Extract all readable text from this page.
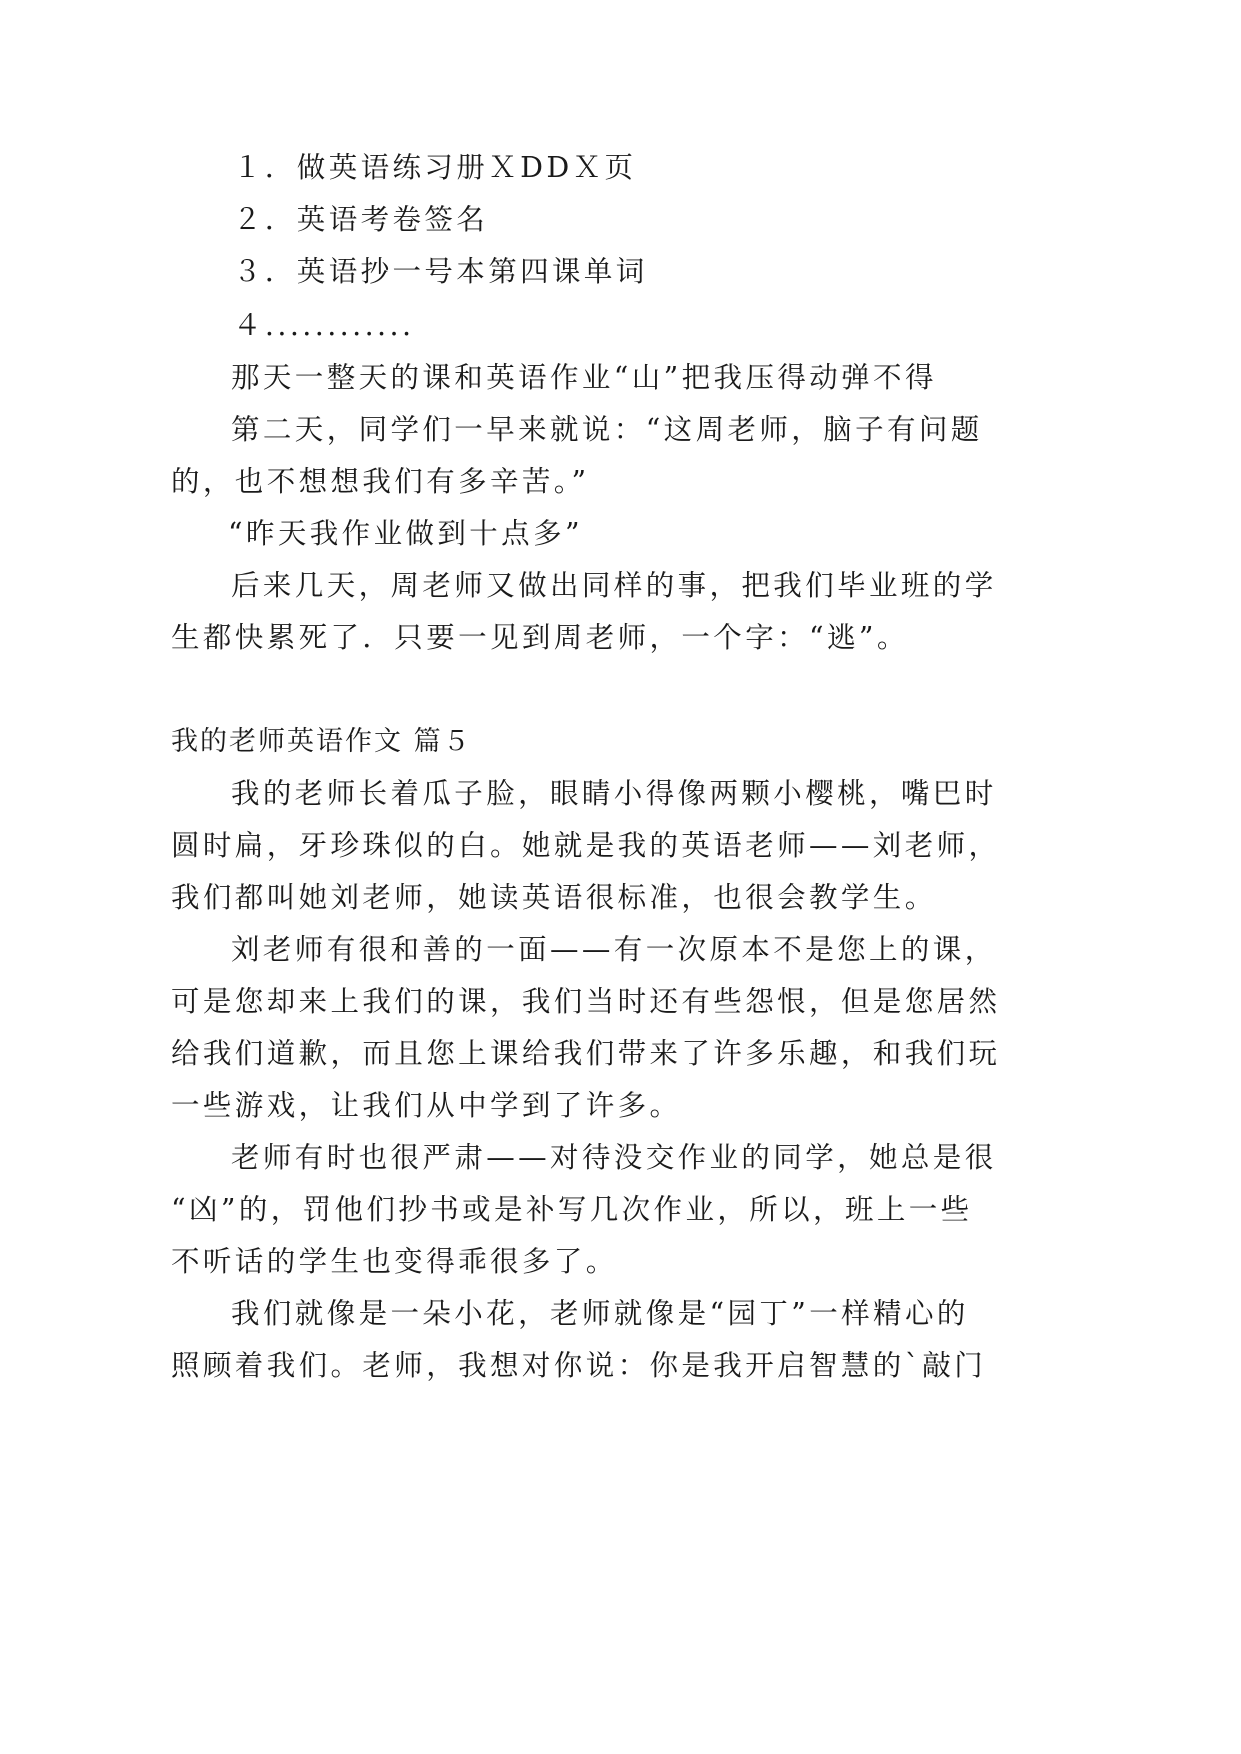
１．做英语练习册ＸDDＸ页
２．英语考卷签名
３．英语抄一号本第四课单词
４............
那天一整天的课和英语作业“山”把我压得动弹不得
第二天，同学们一早来就说：“这周老师，脑子有问题
的，也不想想我们有多辛苦。”
“昨天我作业做到十点多”
后来几天，周老师又做出同样的事，把我们毕业班的学
生都快累死了．只要一见到周老师，一个字：“逃”。
我的老师英语作文 篇５
我的老师长着瓜子脸，眼睛小得像两颗小樱桃，嘴巴时
圆时扁，牙珍珠似的白。她就是我的英语老师——刘老师，
我们都叫她刘老师，她读英语很标准，也很会教学生。
刘老师有很和善的一面——有一次原本不是您上的课，
可是您却来上我们的课，我们当时还有些怨恨，但是您居然
给我们道歉，而且您上课给我们带来了许多乐趣，和我们玩
一些游戏，让我们从中学到了许多。
老师有时也很严肃——对待没交作业的同学，她总是很
“凶”的，罚他们抄书或是补写几次作业，所以，班上一些
不听话的学生也变得乖很多了。
我们就像是一朵小花，老师就像是“园丁”一样精心的
照顾着我们。老师，我想对你说：你是我开启智慧的`敲门
